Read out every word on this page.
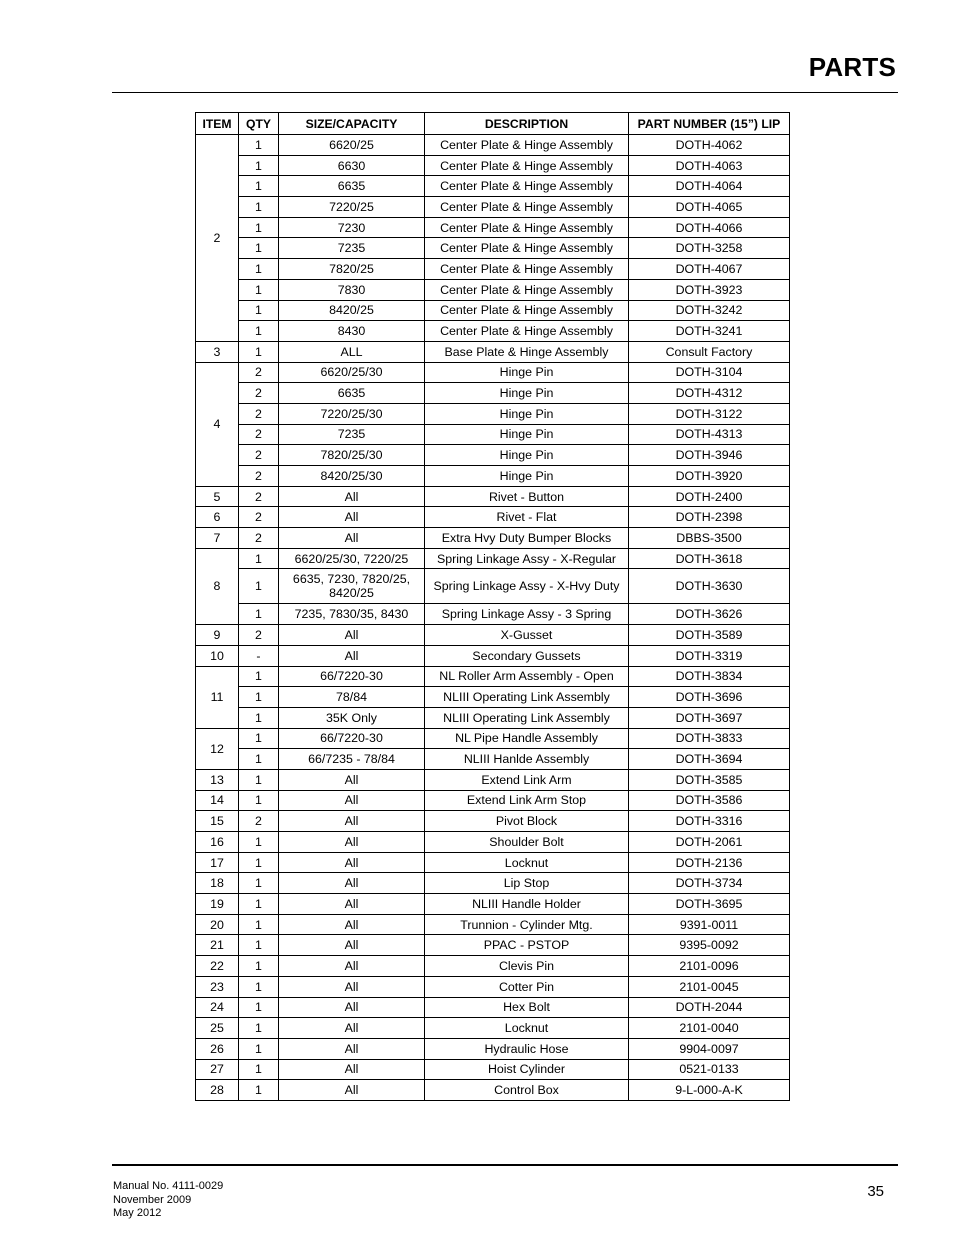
PARTS
ITEM	QTY	SIZE/CAPACITY	DESCRIPTION	PART NUMBER (15”) LIP
2	1	6620/25	Center Plate & Hinge Assembly	DOTH-4062
	1	6630	Center Plate & Hinge Assembly	DOTH-4063
	1	6635	Center Plate & Hinge Assembly	DOTH-4064
	1	7220/25	Center Plate & Hinge Assembly	DOTH-4065
	1	7230	Center Plate & Hinge Assembly	DOTH-4066
	1	7235	Center Plate & Hinge Assembly	DOTH-3258
	1	7820/25	Center Plate & Hinge Assembly	DOTH-4067
	1	7830	Center Plate & Hinge Assembly	DOTH-3923
	1	8420/25	Center Plate & Hinge Assembly	DOTH-3242
	1	8430	Center Plate & Hinge Assembly	DOTH-3241
3	1	ALL	Base Plate & Hinge Assembly	Consult Factory
4	2	6620/25/30	Hinge Pin	DOTH-3104
	2	6635	Hinge Pin	DOTH-4312
	2	7220/25/30	Hinge Pin	DOTH-3122
	2	7235	Hinge Pin	DOTH-4313
	2	7820/25/30	Hinge Pin	DOTH-3946
	2	8420/25/30	Hinge Pin	DOTH-3920
5	2	All	Rivet - Button	DOTH-2400
6	2	All	Rivet - Flat	DOTH-2398
7	2	All	Extra Hvy Duty Bumper Blocks	DBBS-3500
8	1	6620/25/30, 7220/25	Spring Linkage Assy - X-Regular	DOTH-3618
	1	6635, 7230, 7820/25, 8420/25	Spring Linkage Assy - X-Hvy Duty	DOTH-3630
	1	7235, 7830/35, 8430	Spring Linkage Assy - 3 Spring	DOTH-3626
9	2	All	X-Gusset	DOTH-3589
10	-	All	Secondary Gussets	DOTH-3319
11	1	66/7220-30	NL Roller Arm Assembly - Open	DOTH-3834
	1	78/84	NLIII Operating Link Assembly	DOTH-3696
	1	35K Only	NLIII Operating Link Assembly	DOTH-3697
12	1	66/7220-30	NL Pipe Handle Assembly	DOTH-3833
	1	66/7235 - 78/84	NLIII Hanlde Assembly	DOTH-3694
13	1	All	Extend Link Arm	DOTH-3585
14	1	All	Extend Link Arm Stop	DOTH-3586
15	2	All	Pivot Block	DOTH-3316
16	1	All	Shoulder Bolt	DOTH-2061
17	1	All	Locknut	DOTH-2136
18	1	All	Lip Stop	DOTH-3734
19	1	All	NLIII Handle Holder	DOTH-3695
20	1	All	Trunnion - Cylinder Mtg.	9391-0011
21	1	All	PPAC - PSTOP	9395-0092
22	1	All	Clevis Pin	2101-0096
23	1	All	Cotter Pin	2101-0045
24	1	All	Hex Bolt	DOTH-2044
25	1	All	Locknut	2101-0040
26	1	All	Hydraulic Hose	9904-0097
27	1	All	Hoist Cylinder	0521-0133
28	1	All	Control Box	9-L-000-A-K
Manual No. 4111-0029
November 2009
May 2012
35
